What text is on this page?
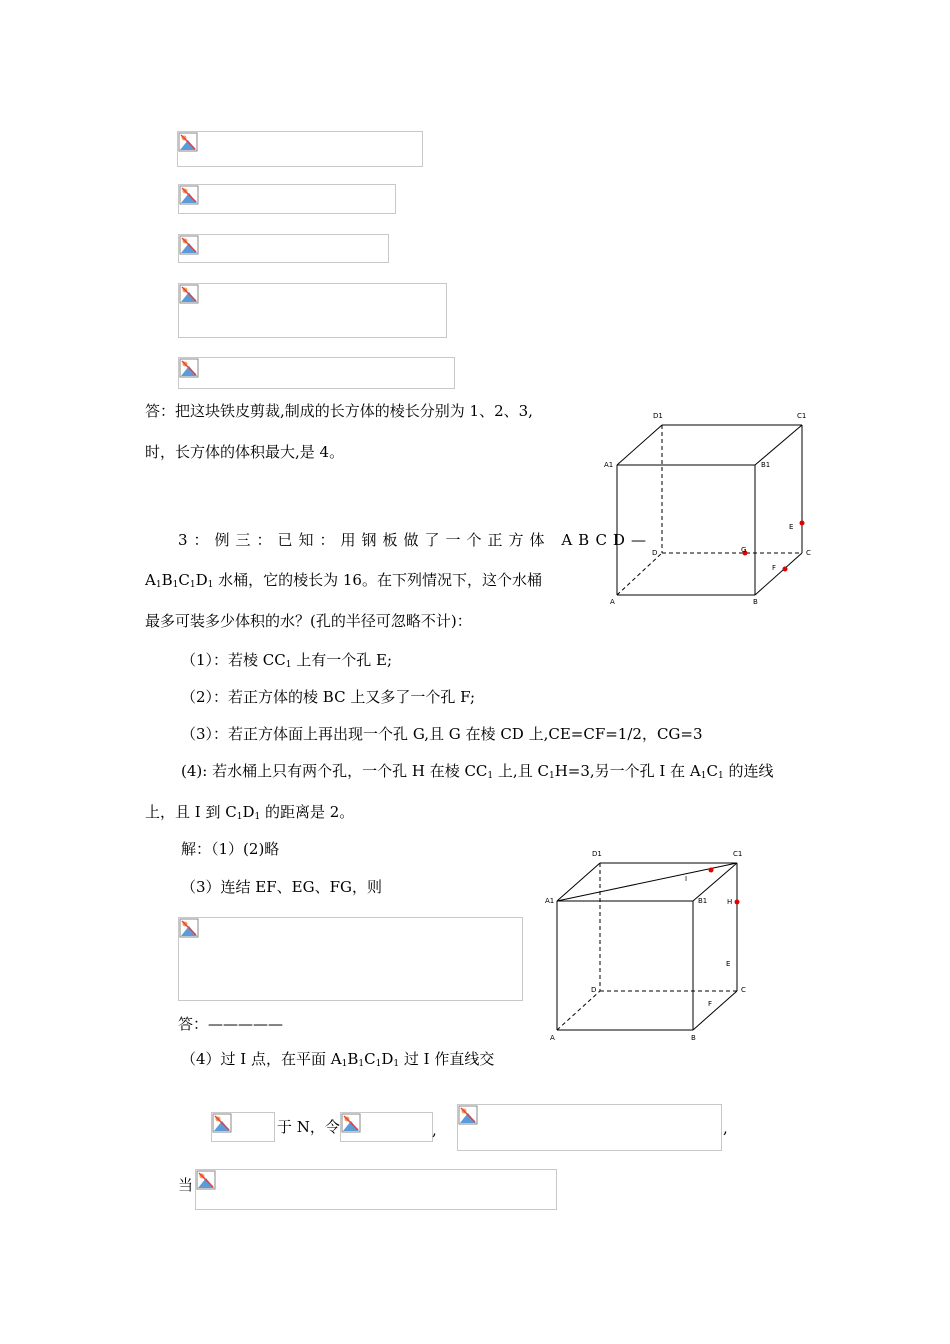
答：把这块铁皮剪裁,制成的长方体的棱长分别为 1、2、3,
时，长方体的体积最大,是 4。
D1	C1
A1	B1
E
D	G	C
F
A	B
3：例三：已知：用钢板做了一个正方体 ABCD—
$A_1B_1C_1D_1$ 水桶，它的棱长为 16。在下列情况下，这个水桶
最多可装多少体积的水？(孔的半径可忽略不计)：
（1）：若棱 $CC_1$ 上有一个孔 E;
（2）：若正方体的棱 BC 上又多了一个孔 F;
（3）：若正方体面上再出现一个孔 G,且 G 在棱 CD 上,CE=CF=1/2，CG=3
(4): 若水桶上只有两个孔，一个孔 H 在棱 $CC_1$ 上,且 $C_1H=3$,另一个孔 I 在 $A_1C_1$ 的连线
上，且 I 到 $C_1D_1$ 的距离是 2。
解：（1）(2)略
（3）连结 EF、EG、FG，则
答：—————
（4）过 I 点，在平面 $A_1B_1C_1D_1$ 过 I 作直线交
D1	C1
I
A1	B1	H
E
D	C
F
A	B
于 N，令	,	,
当
